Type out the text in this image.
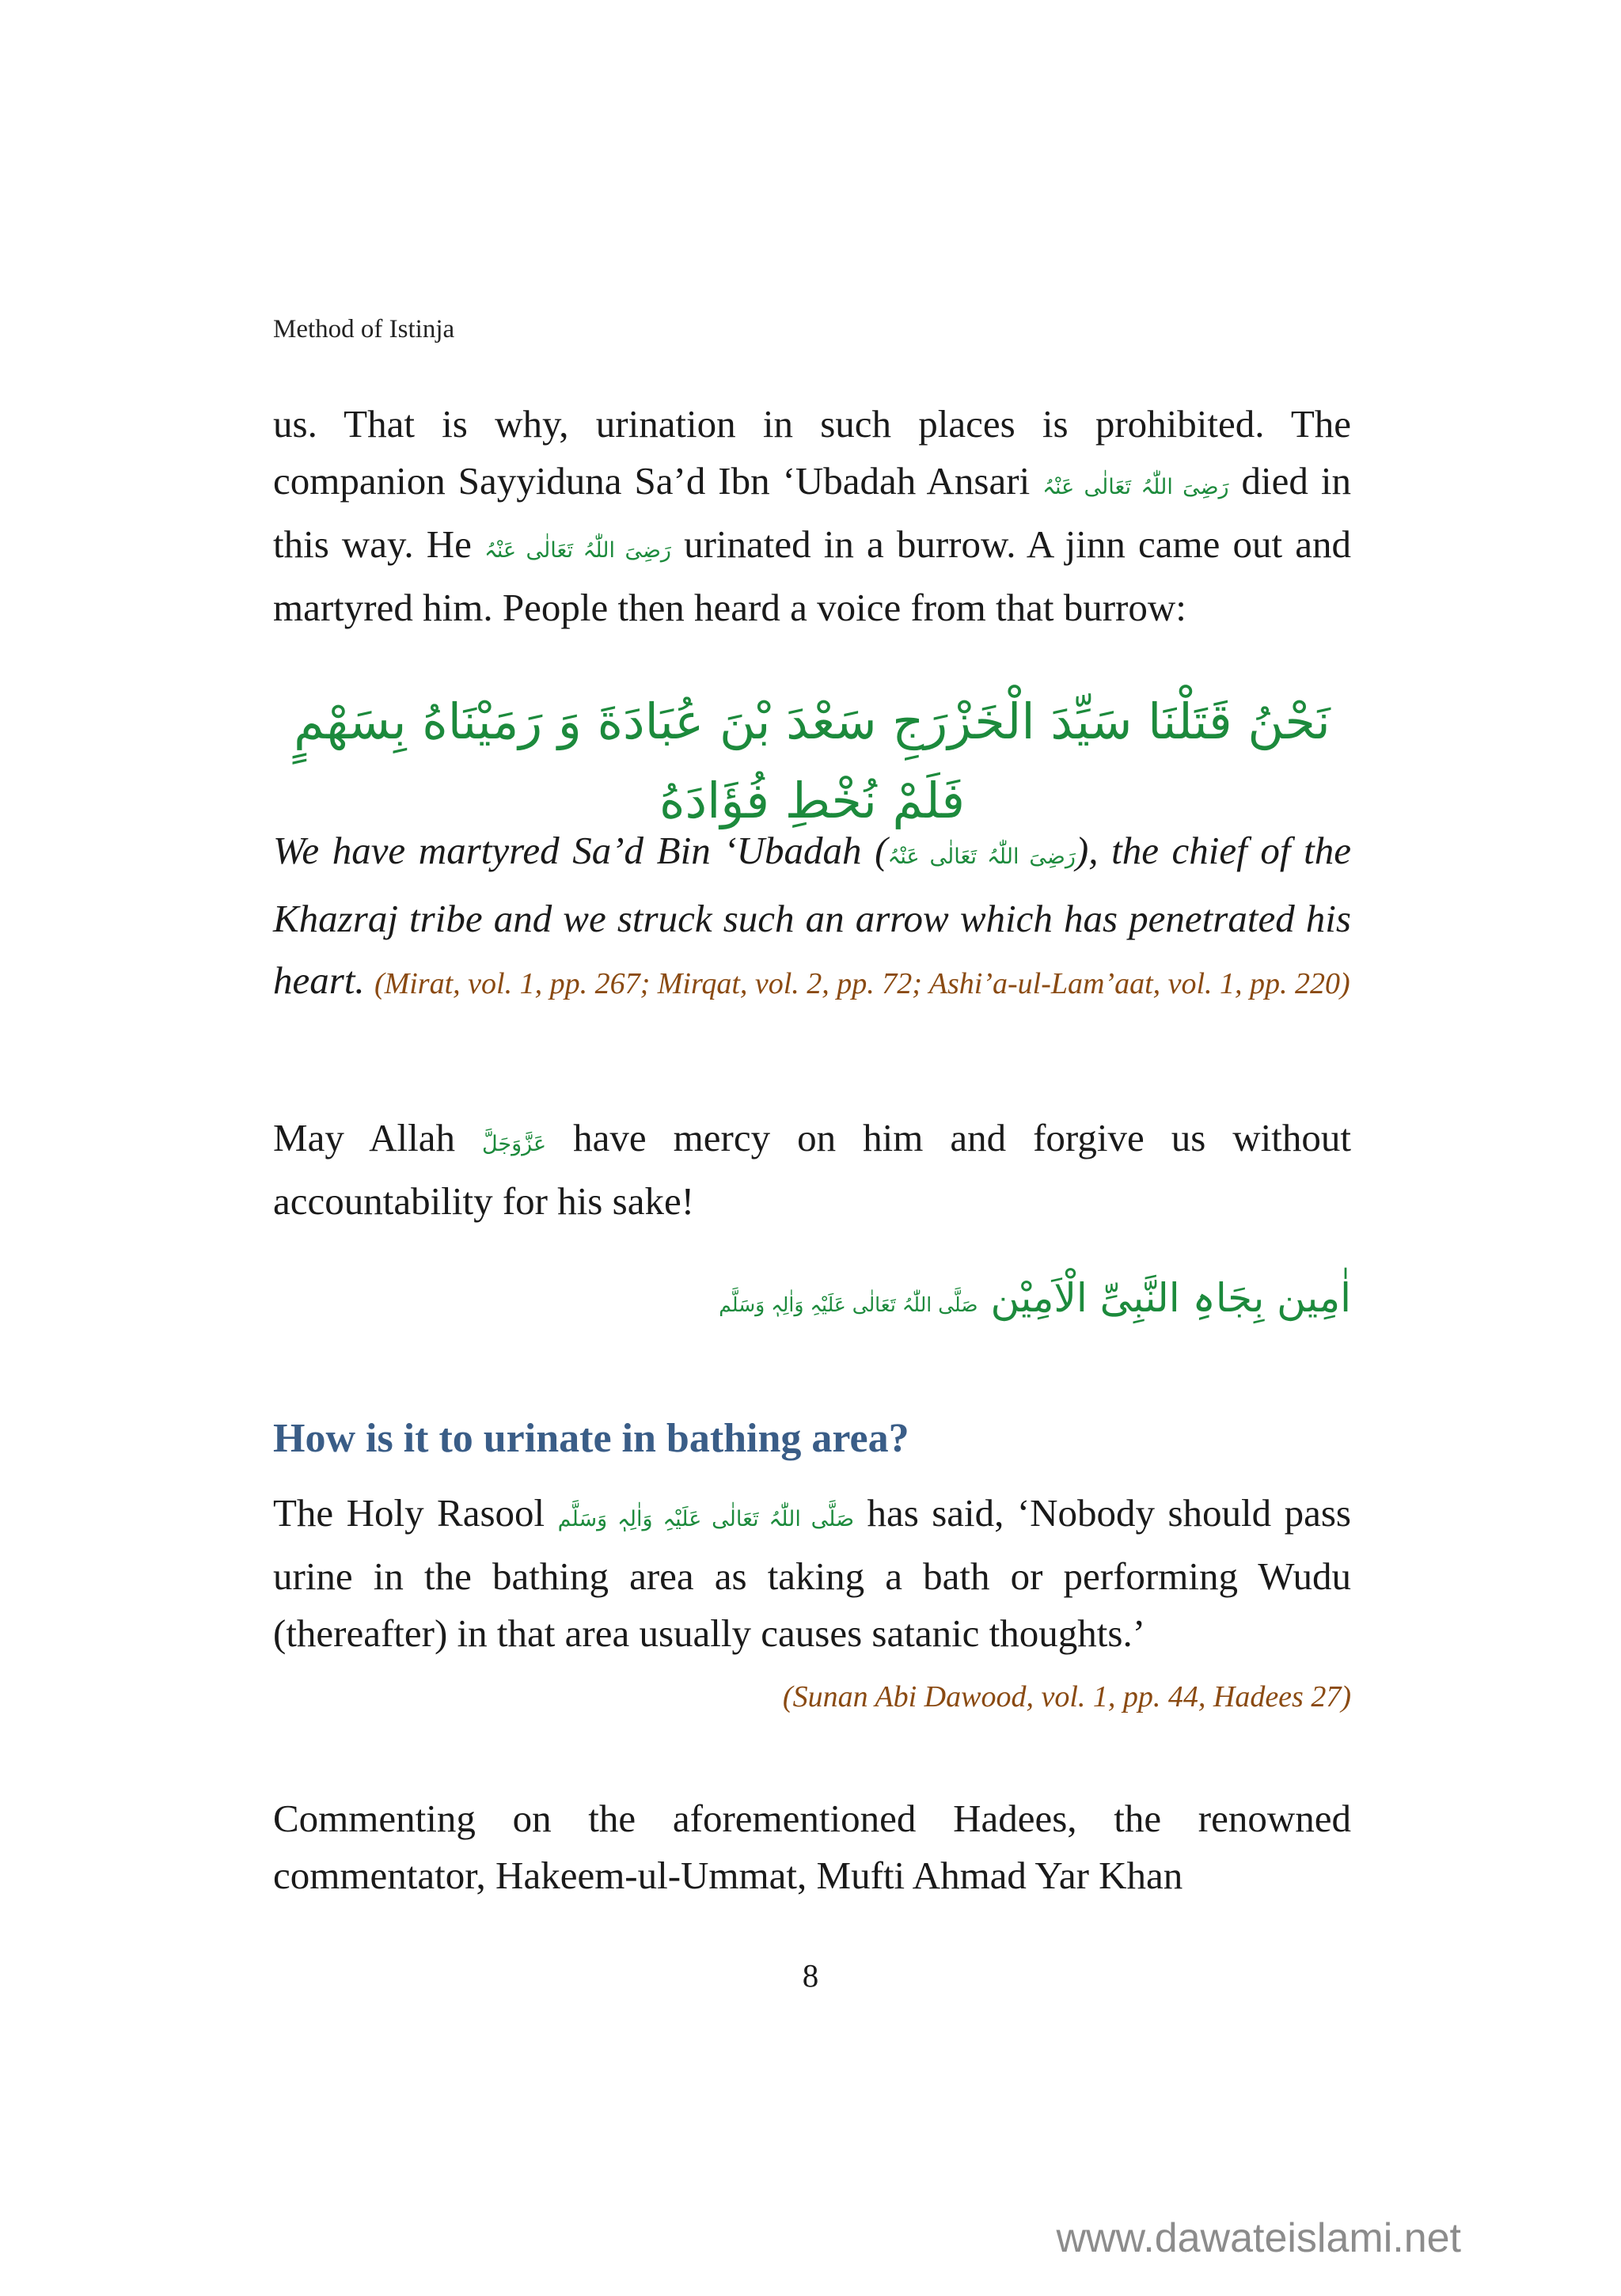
Method of Istinja

us. That is why, urination in such places is prohibited. The companion Sayyiduna Sa’d Ibn ‘Ubadah Ansari رَضِیَ اللّٰہُ تَعَالٰی عَنْہُ died in this way. He رَضِیَ اللّٰہُ تَعَالٰی عَنْہُ urinated in a burrow. A jinn came out and martyred him. People then heard a voice from that burrow:

نَحْنُ قَتَلْنَا سَيِّدَ الْخَزْرَجِ سَعْدَ بْنَ عُبَادَةَ وَ رَمَيْنَاهُ بِسَهْمٍ فَلَمْ نُخْطِ فُؤَادَهُ

We have martyred Sa’d Bin ‘Ubadah (رَضِیَ اللّٰہُ تَعَالٰی عَنْہُ), the chief of the Khazraj tribe and we struck such an arrow which has penetrated his heart. (Mirat, vol. 1, pp. 267; Mirqat, vol. 2, pp. 72; Ashi’a-ul-Lam’aat, vol. 1, pp. 220)

May Allah عَزَّوَجَلَّ have mercy on him and forgive us without accountability for his sake!

اٰمِین بِجَاہِ النَّبِیِّ الْاَمِیْن صَلَّی اللّٰہُ تَعَالٰی عَلَیْہِ وَاٰلِہٖ وَسَلَّم
How is it to urinate in bathing area?

The Holy Rasool صَلَّی اللّٰہُ تَعَالٰی عَلَیْہِ وَاٰلِہٖ وَسَلَّم has said, ‘Nobody should pass urine in the bathing area as taking a bath or performing Wudu (thereafter) in that area usually causes satanic thoughts.’

(Sunan Abi Dawood, vol. 1, pp. 44, Hadees 27)

Commenting on the aforementioned Hadees, the renowned commentator, Hakeem-ul-Ummat, Mufti Ahmad Yar Khan

8
www.dawateislami.net
